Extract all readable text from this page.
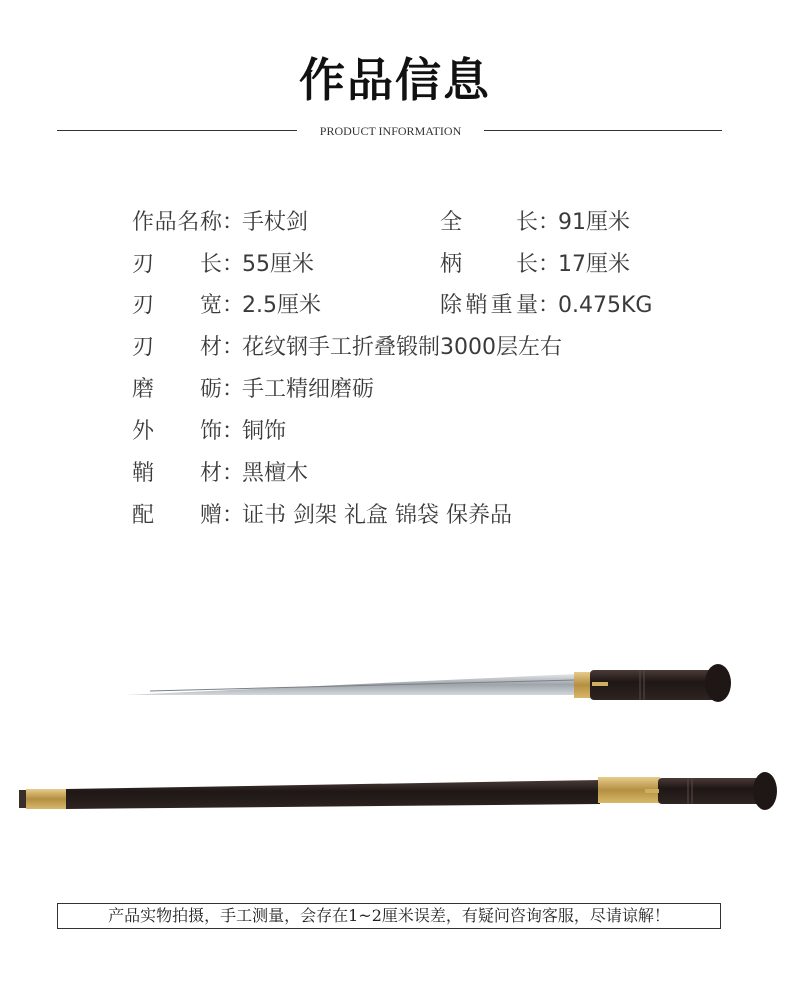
作品信息
PRODUCT INFORMATION
作品名称：手杖剑	全长：91厘米
刃长：55厘米	柄长：17厘米
刃宽：2.5厘米	除鞘重量：0.475KG
刃材：花纹钢手工折叠锻制3000层左右
磨砺：手工精细磨砺
外饰：铜饰
鞘材：黑檀木
配赠：证书 剑架 礼盒 锦袋 保养品
产品实物拍摄，手工测量，会存在1~2厘米误差，有疑问咨询客服，尽请谅解！
